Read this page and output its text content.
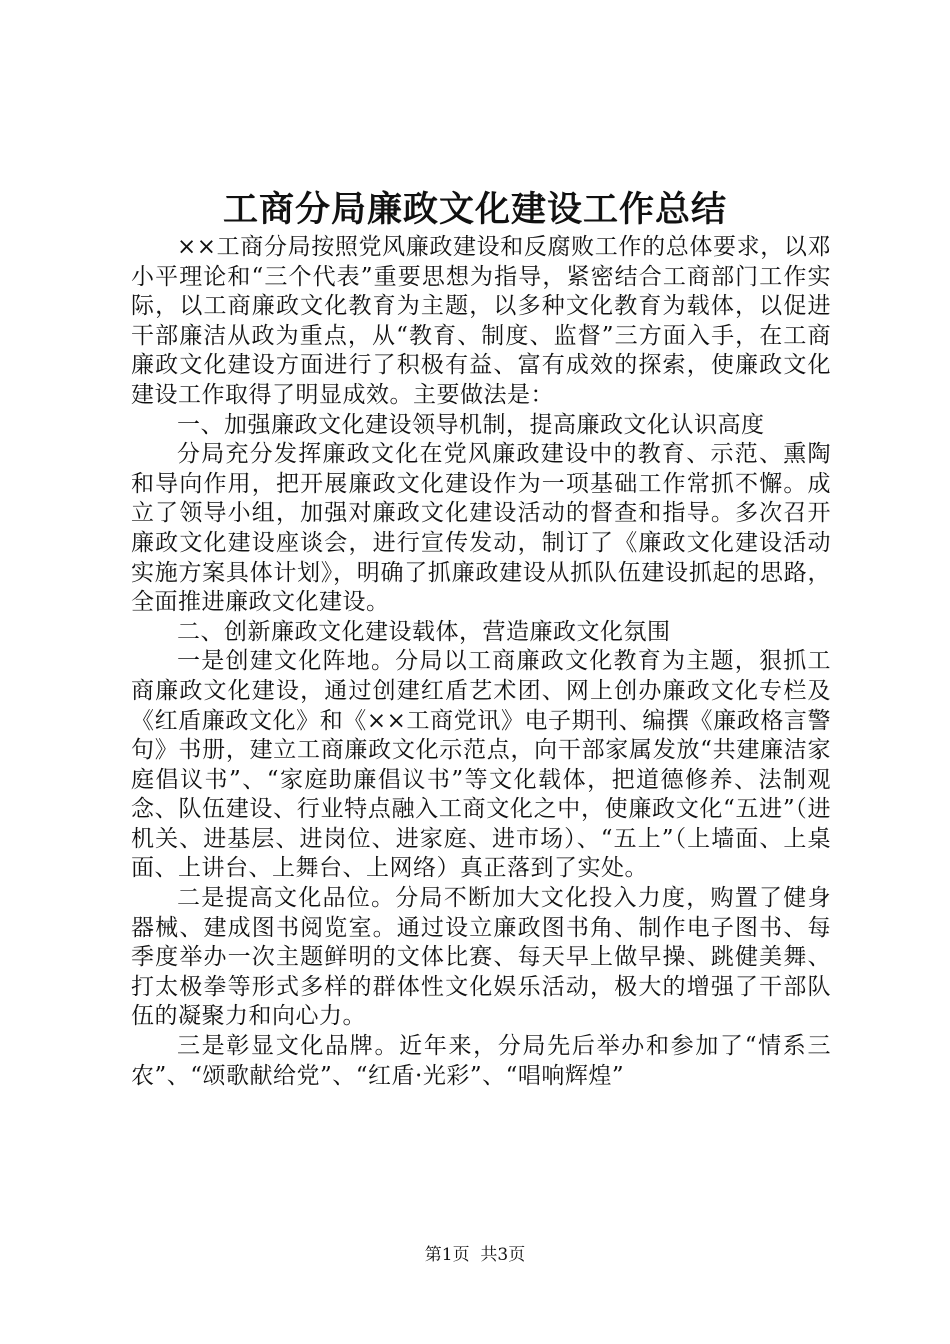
工商分局廉政文化建设工作总结

××工商分局按照党风廉政建设和反腐败工作的总体要求，以邓小平理论和“三个代表”重要思想为指导，紧密结合工商部门工作实际，以工商廉政文化教育为主题，以多种文化教育为载体，以促进干部廉洁从政为重点，从“教育、制度、监督”三方面入手，在工商廉政文化建设方面进行了积极有益、富有成效的探索，使廉政文化建设工作取得了明显成效。主要做法是：

一、加强廉政文化建设领导机制，提高廉政文化认识高度

分局充分发挥廉政文化在党风廉政建设中的教育、示范、熏陶和导向作用，把开展廉政文化建设作为一项基础工作常抓不懈。成立了领导小组，加强对廉政文化建设活动的督查和指导。多次召开廉政文化建设座谈会，进行宣传发动，制订了《廉政文化建设活动实施方案具体计划》，明确了抓廉政建设从抓队伍建设抓起的思路，全面推进廉政文化建设。

二、创新廉政文化建设载体，营造廉政文化氛围

一是创建文化阵地。分局以工商廉政文化教育为主题，狠抓工商廉政文化建设，通过创建红盾艺术团、网上创办廉政文化专栏及《红盾廉政文化》和《××工商党讯》电子期刊、编撰《廉政格言警句》书册，建立工商廉政文化示范点，向干部家属发放“共建廉洁家庭倡议书”、“家庭助廉倡议书”等文化载体，把道德修养、法制观念、队伍建设、行业特点融入工商文化之中，使廉政文化“五进”（进机关、进基层、进岗位、进家庭、进市场）、“五上”（上墙面、上桌面、上讲台、上舞台、上网络）真正落到了实处。

二是提高文化品位。分局不断加大文化投入力度，购置了健身器械、建成图书阅览室。通过设立廉政图书角、制作电子图书、每季度举办一次主题鲜明的文体比赛、每天早上做早操、跳健美舞、打太极拳等形式多样的群体性文化娱乐活动，极大的增强了干部队伍的凝聚力和向心力。

三是彰显文化品牌。近年来，分局先后举办和参加了“情系三农”、“颂歌献给党”、“红盾·光彩”、“唱响辉煌”

第1页  共3页
